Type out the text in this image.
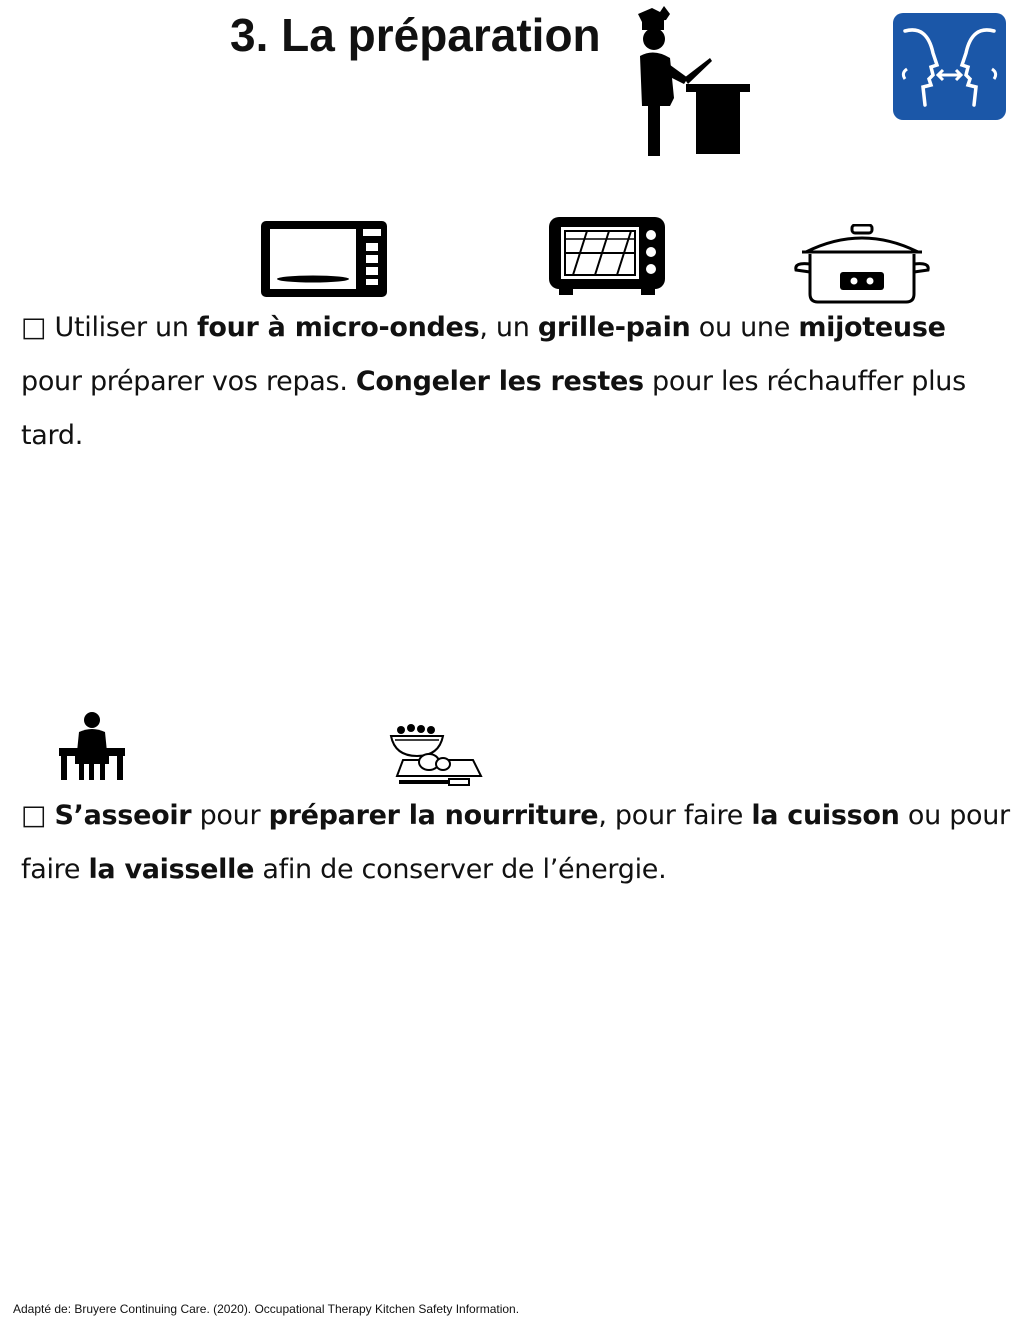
3. La préparation

□ Utiliser un four à micro-ondes, un grille-pain ou une mijoteuse pour préparer vos repas. Congeler les restes pour les réchauffer plus tard.

□ S’asseoir pour préparer la nourriture, pour faire la cuisson ou pour faire la vaisselle afin de conserver de l’énergie.

Adapté de: Bruyere Continuing Care. (2020). Occupational Therapy Kitchen Safety Information.
